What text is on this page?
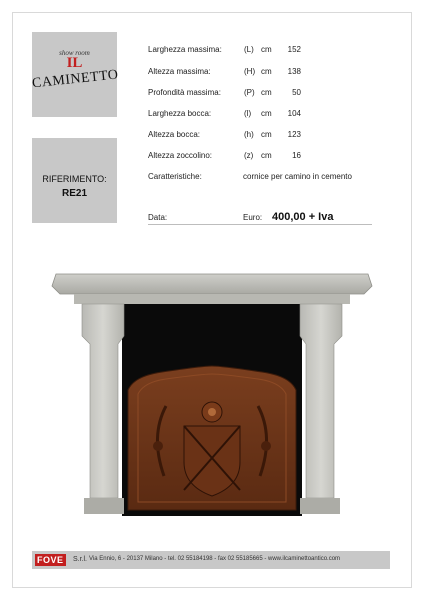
show room
IL
CAMINETTO
RIFERIMENTO:
RE21
Larghezza massima:	(L) cm	152
Altezza massima:	(H) cm	138
Profondità massima:	(P) cm	50
Larghezza bocca:	(l) cm	104
Altezza bocca:	(h) cm	123
Altezza zoccolino:	(z) cm	16
Caratteristiche:	cornice per camino in cemento
Data:	Euro: 400,00 + Iva
FOVE S.r.l. Via Ennio, 6 - 20137 Milano - tel. 02 55184198 - fax 02 55185665 - www.ilcaminettoantico.com
